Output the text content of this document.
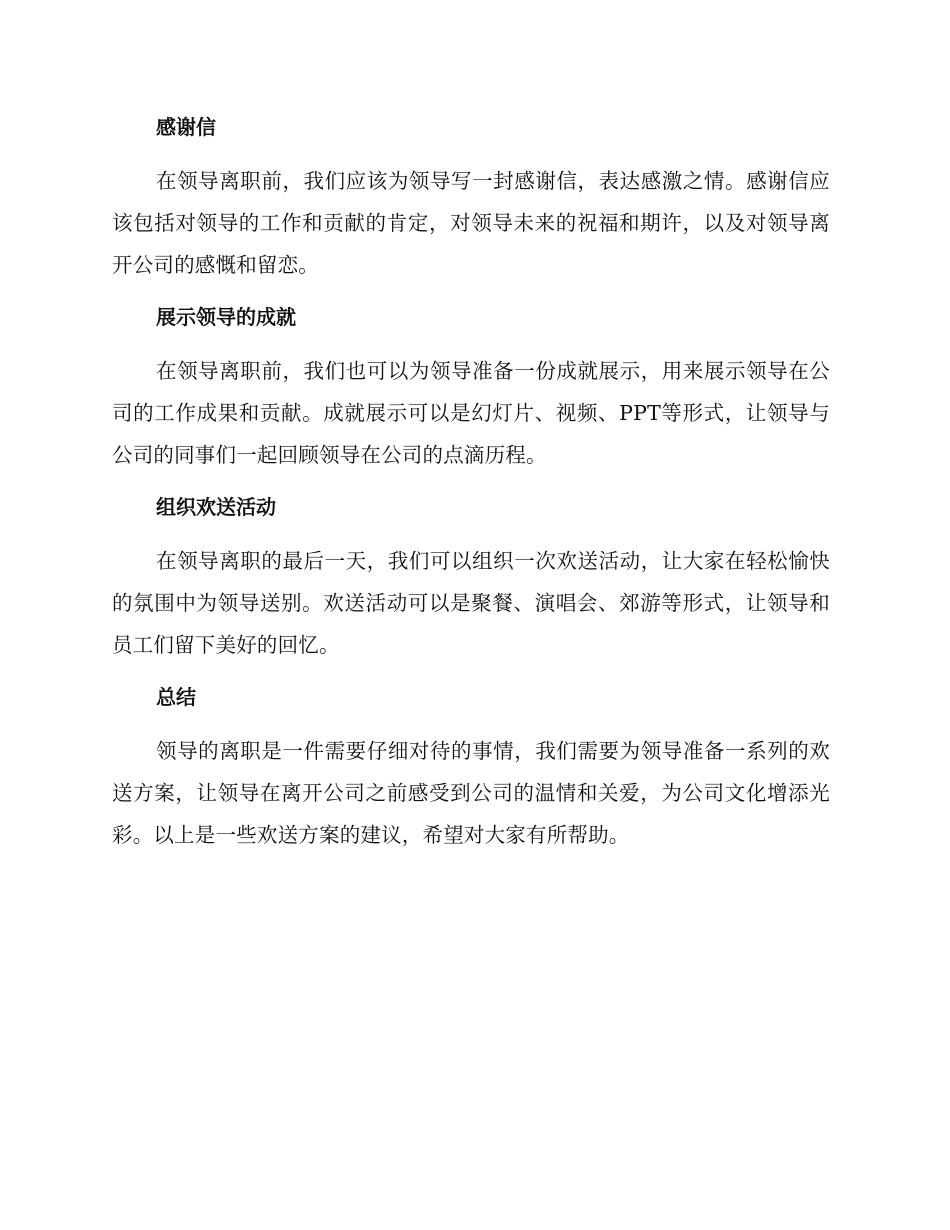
感谢信

在领导离职前，我们应该为领导写一封感谢信，表达感激之情。感谢信应该包括对领导的工作和贡献的肯定，对领导未来的祝福和期许，以及对领导离开公司的感慨和留恋。

展示领导的成就

在领导离职前，我们也可以为领导准备一份成就展示，用来展示领导在公司的工作成果和贡献。成就展示可以是幻灯片、视频、PPT等形式，让领导与公司的同事们一起回顾领导在公司的点滴历程。

组织欢送活动

在领导离职的最后一天，我们可以组织一次欢送活动，让大家在轻松愉快的氛围中为领导送别。欢送活动可以是聚餐、演唱会、郊游等形式，让领导和员工们留下美好的回忆。

总结

领导的离职是一件需要仔细对待的事情，我们需要为领导准备一系列的欢送方案，让领导在离开公司之前感受到公司的温情和关爱，为公司文化增添光彩。以上是一些欢送方案的建议，希望对大家有所帮助。
